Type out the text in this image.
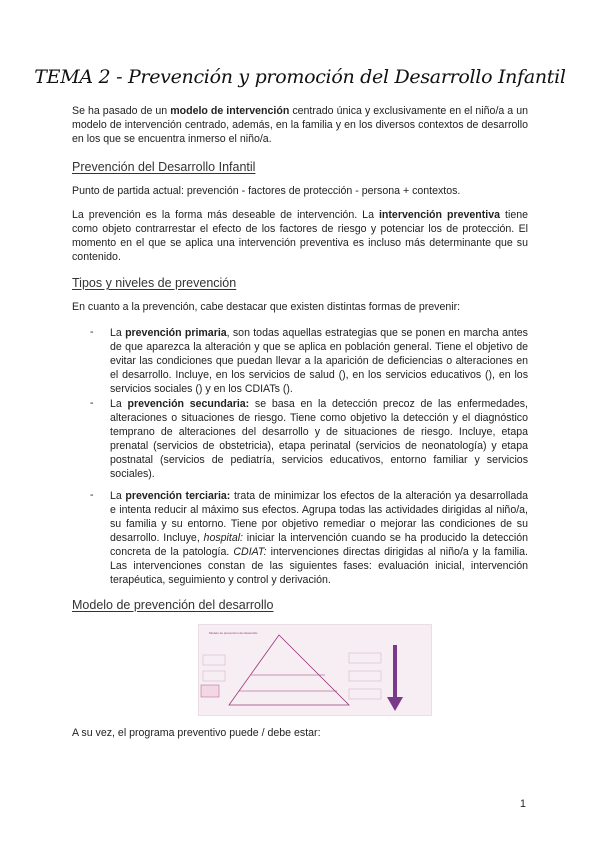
TEMA 2 - Prevención y promoción del Desarrollo Infantil

Se ha pasado de un modelo de intervención centrado única y exclusivamente en el niño/a a un modelo de intervención centrado, además, en la familia y en los diversos contextos de desarrollo en los que se encuentra inmerso el niño/a.

Prevención del Desarrollo Infantil

Punto de partida actual: prevención - factores de protección - persona + contextos.

La prevención es la forma más deseable de intervención. La intervención preventiva tiene como objeto contrarrestar el efecto de los factores de riesgo y potenciar los de protección. El momento en el que se aplica una intervención preventiva es incluso más determinante que su contenido.

Tipos y niveles de prevención

En cuanto a la prevención, cabe destacar que existen distintas formas de prevenir:

- La prevención primaria, son todas aquellas estrategias que se ponen en marcha antes de que aparezca la alteración y que se aplica en población general. Tiene el objetivo de evitar las condiciones que puedan llevar a la aparición de deficiencias o alteraciones en el desarrollo. Incluye, en los servicios de salud (), en los servicios educativos (), en los servicios sociales () y en los CDIATs ().

- La prevención secundaria: se basa en la detección precoz de las enfermedades, alteraciones o situaciones de riesgo. Tiene como objetivo la detección y el diagnóstico temprano de alteraciones del desarrollo y de situaciones de riesgo. Incluye, etapa prenatal (servicios de obstetricia), etapa perinatal (servicios de neonatología) y etapa postnatal (servicios de pediatría, servicios educativos, entorno familiar y servicios sociales).

- La prevención terciaria: trata de minimizar los efectos de la alteración ya desarrollada e intenta reducir al máximo sus efectos. Agrupa todas las actividades dirigidas al niño/a, su familia y su entorno. Tiene por objetivo remediar o mejorar las condiciones de su desarrollo. Incluye, hospital: iniciar la intervención cuando se ha producido la detección concreta de la patología. CDIAT: intervenciones directas dirigidas al niño/a y la familia. Las intervenciones constan de las siguientes fases: evaluación inicial, intervención terapéutica, seguimiento y control y derivación.

Modelo de prevención del desarrollo
Modelo de prevención del desarrollo

A su vez, el programa preventivo puede / debe estar:

1
